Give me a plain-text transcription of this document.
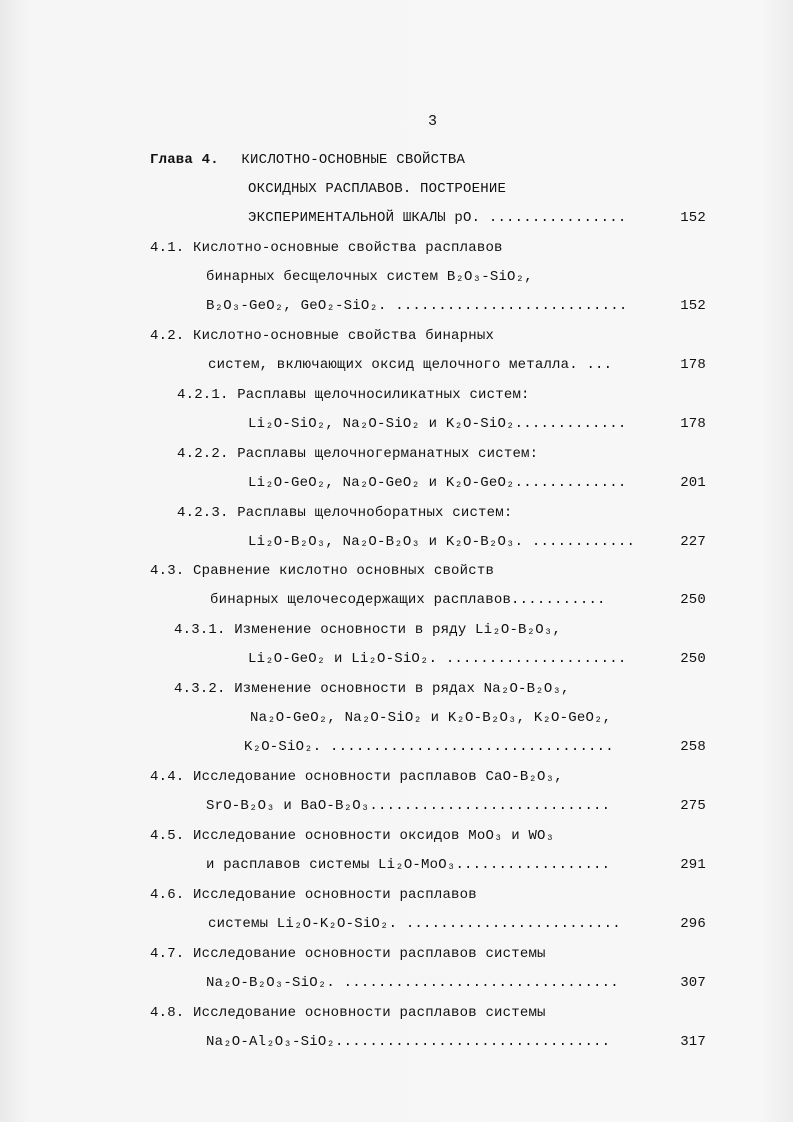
3
Глава 4. КИСЛОТНО-ОСНОВНЫЕ СВОЙСТВА
ОКСИДНЫХ РАСПЛАВОВ. ПОСТРОЕНИЕ
ЭКСПЕРИМЕНТАЛЬНОЙ ШКАЛЫ рО. ................	152
4.1. Кислотно-основные свойства расплавов
бинарных бесщелочных систем B₂O₃-SiO₂,
B₂O₃-GeO₂, GeO₂-SiO₂. ...........................	152
4.2. Кислотно-основные свойства бинарных
систем, включающих оксид щелочного металла. ...	178
4.2.1. Расплавы щелочносиликатных систем:
Li₂O-SiO₂, Na₂O-SiO₂ и K₂O-SiO₂.............	178
4.2.2. Расплавы щелочногерманатных систем:
Li₂O-GeO₂, Na₂O-GeO₂ и K₂O-GeO₂.............	201
4.2.3. Расплавы щелочноборатных систем:
Li₂O-B₂O₃, Na₂O-B₂O₃ и K₂O-B₂O₃. ............	227
4.3. Сравнение кислотно основных свойств
бинарных щелочесодержащих расплавов...........	250
4.3.1. Изменение основности в ряду Li₂O-B₂O₃,
Li₂O-GeO₂ и Li₂O-SiO₂. .....................	250
4.3.2. Изменение основности в рядах Na₂O-B₂O₃,
Na₂O-GeO₂, Na₂O-SiO₂ и K₂O-B₂O₃, K₂O-GeO₂,
K₂O-SiO₂. .................................	258
4.4. Исследование основности расплавов CaO-B₂O₃,
SrO-B₂O₃ и BaO-B₂O₃............................	275
4.5. Исследование основности оксидов MoO₃ и WO₃
и расплавов системы Li₂O-MoO₃..................	291
4.6. Исследование основности расплавов
системы Li₂O-K₂O-SiO₂. .........................	296
4.7. Исследование основности расплавов системы
Na₂O-B₂O₃-SiO₂. ................................	307
4.8. Исследование основности расплавов системы
Na₂O-Al₂O₃-SiO₂................................	317
